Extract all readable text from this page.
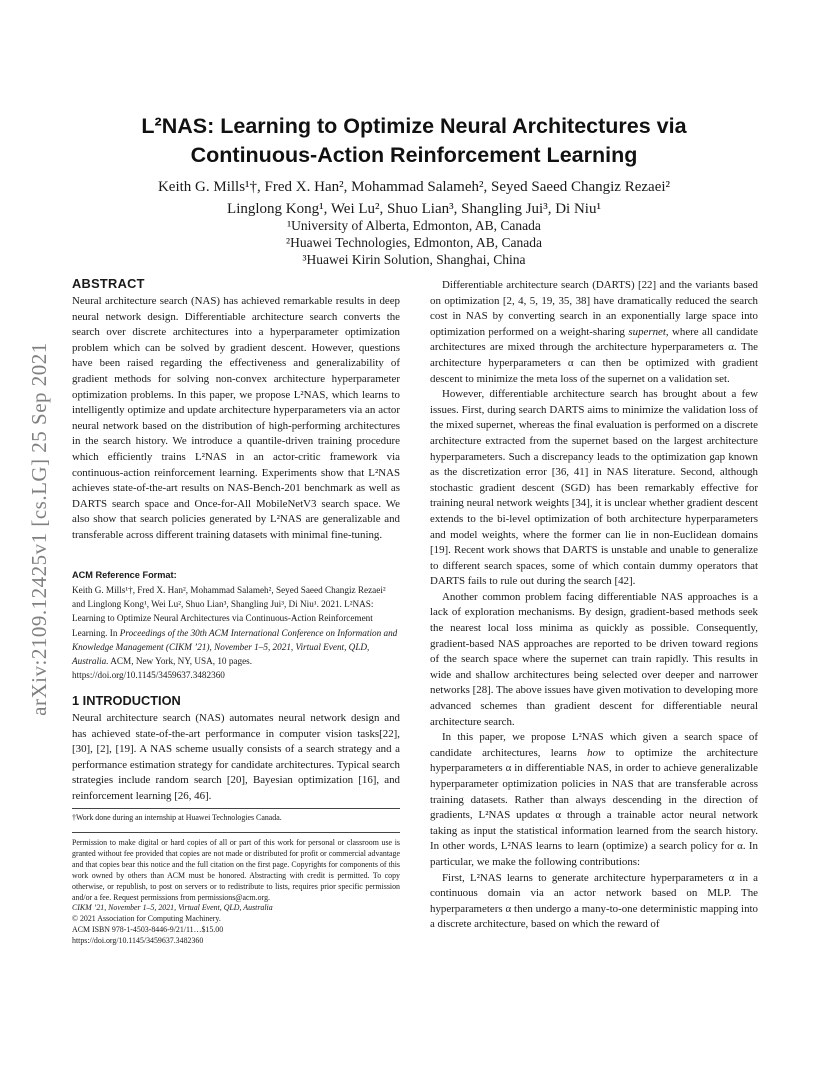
arXiv:2109.12425v1 [cs.LG] 25 Sep 2021
L²NAS: Learning to Optimize Neural Architectures via
Continuous-Action Reinforcement Learning
Keith G. Mills¹†, Fred X. Han², Mohammad Salameh², Seyed Saeed Changiz Rezaei²
Linglong Kong¹, Wei Lu², Shuo Lian³, Shangling Jui³, Di Niu¹
¹University of Alberta, Edmonton, AB, Canada
²Huawei Technologies, Edmonton, AB, Canada
³Huawei Kirin Solution, Shanghai, China
ABSTRACT

Neural architecture search (NAS) has achieved remarkable results in deep neural network design. Differentiable architecture search converts the search over discrete architectures into a hyperparameter optimization problem which can be solved by gradient descent. However, questions have been raised regarding the effectiveness and generalizability of gradient methods for solving non-convex architecture hyperparameter optimization problems. In this paper, we propose L²NAS, which learns to intelligently optimize and update architecture hyperparameters via an actor neural network based on the distribution of high-performing architectures in the search history. We introduce a quantile-driven training procedure which efficiently trains L²NAS in an actor-critic framework via continuous-action reinforcement learning. Experiments show that L²NAS achieves state-of-the-art results on NAS-Bench-201 benchmark as well as DARTS search space and Once-for-All MobileNetV3 search space. We also show that search policies generated by L²NAS are generalizable and transferable across different training datasets with minimal fine-tuning.

ACM Reference Format:

Keith G. Mills¹†, Fred X. Han², Mohammad Salameh², Seyed Saeed Changiz Rezaei² and Linglong Kong¹, Wei Lu², Shuo Lian³, Shangling Jui³, Di Niu¹. 2021. L²NAS: Learning to Optimize Neural Architectures via Continuous-Action Reinforcement Learning. In Proceedings of the 30th ACM International Conference on Information and Knowledge Management (CIKM ’21), November 1–5, 2021, Virtual Event, QLD, Australia. ACM, New York, NY, USA, 10 pages. https://doi.org/10.1145/3459637.3482360

1 INTRODUCTION

Neural architecture search (NAS) automates neural network design and has achieved state-of-the-art performance in computer vision tasks[22], [30], [2], [19]. A NAS scheme usually consists of a search strategy and a performance estimation strategy for candidate architectures. Typical search strategies include random search [20], Bayesian optimization [16], and reinforcement learning [26, 46].

†Work done during an internship at Huawei Technologies Canada.
Permission to make digital or hard copies of all or part of this work for personal or classroom use is granted without fee provided that copies are not made or distributed for profit or commercial advantage and that copies bear this notice and the full citation on the first page. Copyrights for components of this work owned by others than ACM must be honored. Abstracting with credit is permitted. To copy otherwise, or republish, to post on servers or to redistribute to lists, requires prior specific permission and/or a fee. Request permissions from permissions@acm.org.
CIKM ’21, November 1–5, 2021, Virtual Event, QLD, Australia
© 2021 Association for Computing Machinery.
ACM ISBN 978-1-4503-8446-9/21/11…$15.00
https://doi.org/10.1145/3459637.3482360

Differentiable architecture search (DARTS) [22] and the variants based on optimization [2, 4, 5, 19, 35, 38] have dramatically reduced the search cost in NAS by converting search in an exponentially large space into optimization performed on a weight-sharing supernet, where all candidate architectures are mixed through the architecture hyperparameters α. The architecture hyperparameters α can then be optimized with gradient descent to minimize the meta loss of the supernet on a validation set.

However, differentiable architecture search has brought about a few issues. First, during search DARTS aims to minimize the validation loss of the mixed supernet, whereas the final evaluation is performed on a discrete architecture extracted from the supernet based on the largest architecture hyperparameters. Such a discrepancy leads to the optimization gap known as the discretization error [36, 41] in NAS literature. Second, although stochastic gradient descent (SGD) has been remarkably effective for training neural network weights [34], it is unclear whether gradient descent extends to the bi-level optimization of both architecture hyperparameters and model weights, where the former can lie in non-Euclidean domains [19]. Recent work shows that DARTS is unstable and unable to generalize to different search spaces, some of which contain dummy operators that DARTS fails to rule out during the search [42].

Another common problem facing differentiable NAS approaches is a lack of exploration mechanisms. By design, gradient-based methods seek the nearest local loss minima as quickly as possible. Consequently, gradient-based NAS approaches are reported to be driven toward regions of the search space where the supernet can train rapidly. This results in wide and shallow architectures being selected over deeper and narrower networks [28]. The above issues have given motivation to developing more advanced schemes than gradient descent for differentiable neural architecture search.

In this paper, we propose L²NAS which given a search space of candidate architectures, learns how to optimize the architecture hyperparameters α in differentiable NAS, in order to achieve generalizable hyperparameter optimization policies in NAS that are transferable across training datasets. Rather than always descending in the direction of gradients, L²NAS updates α through a trainable actor neural network taking as input the statistical information learned from the search history. In other words, L²NAS learns to learn (optimize) a search policy for α. In particular, we make the following contributions:

First, L²NAS learns to generate architecture hyperparameters α in a continuous domain via an actor network based on MLP. The hyperparameters α then undergo a many-to-one deterministic mapping into a discrete architecture, based on which the reward of
